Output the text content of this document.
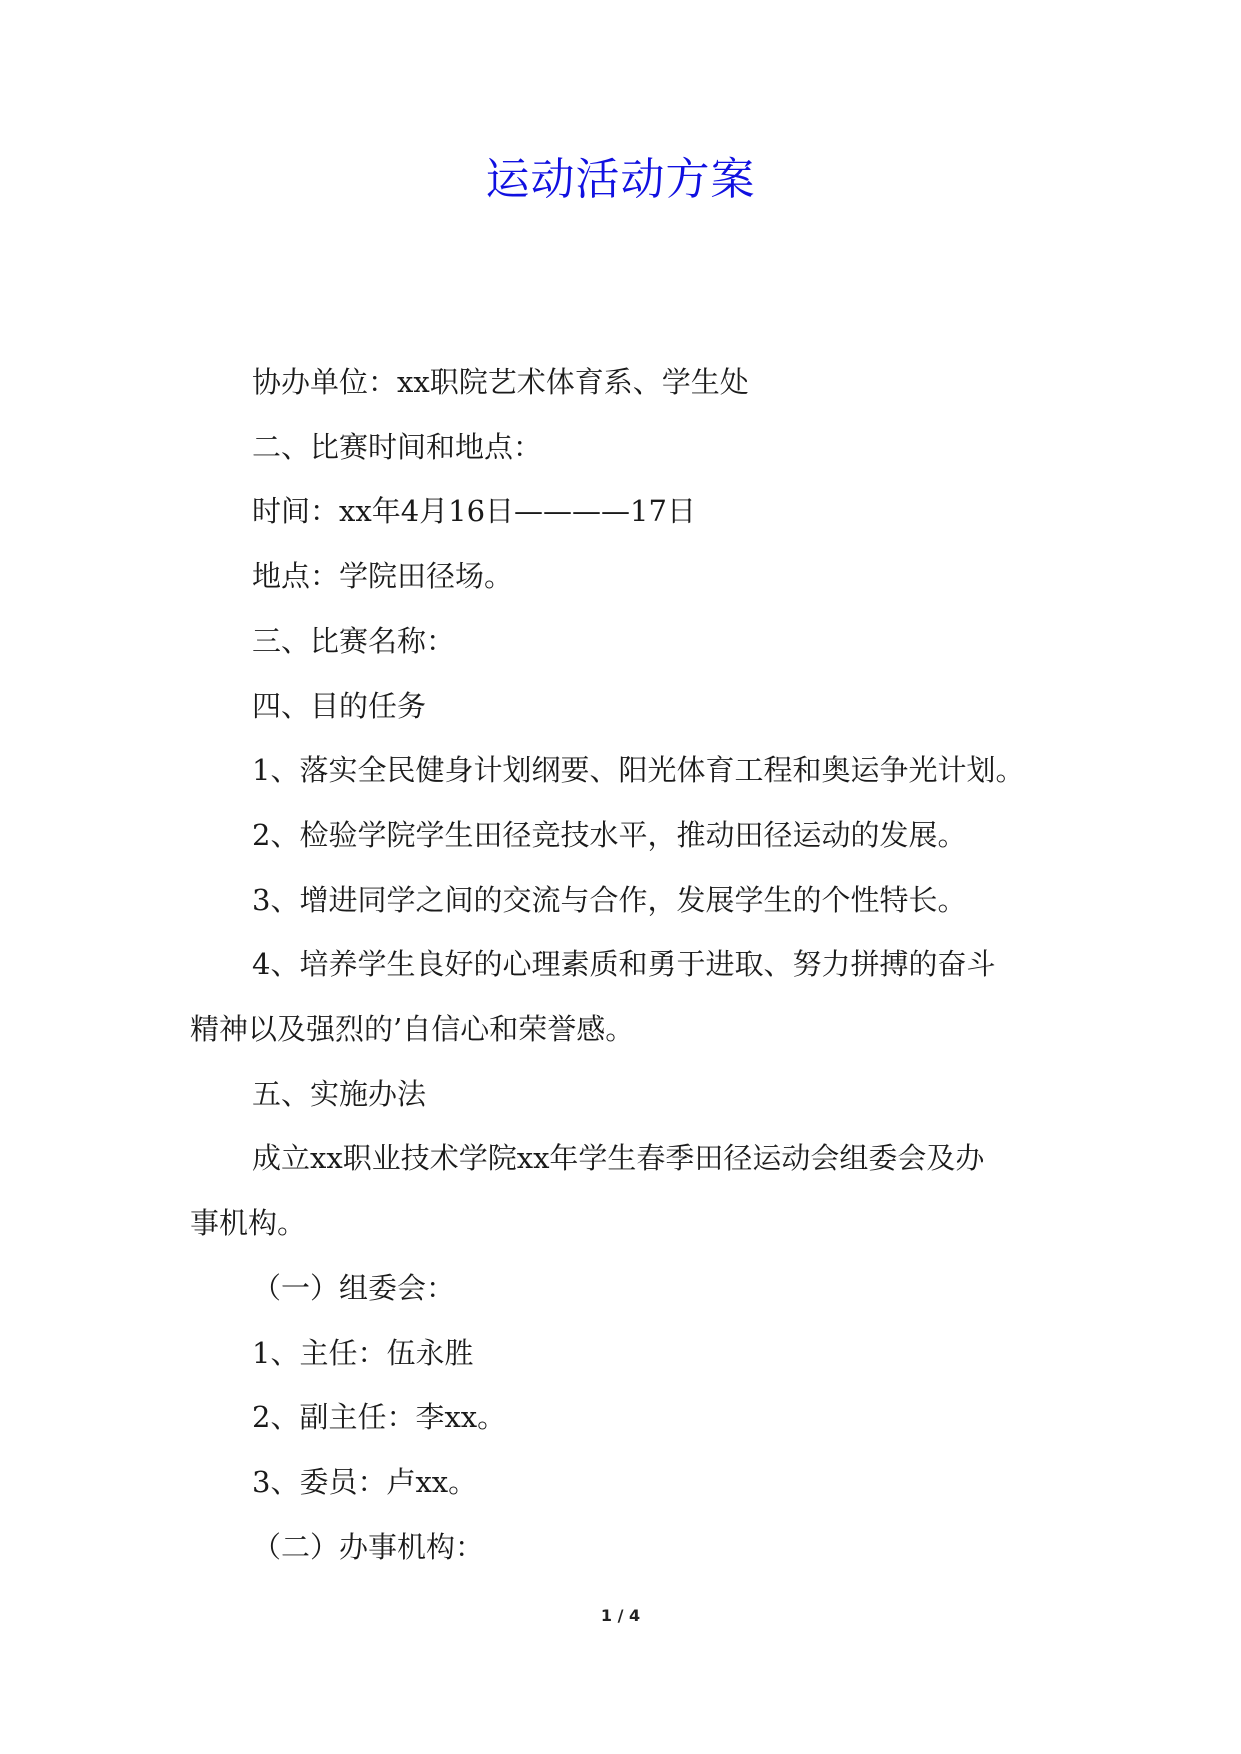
运动活动方案

协办单位：xx职院艺术体育系、学生处

二、比赛时间和地点：

时间：xx年4月16日————17日

地点：学院田径场。

三、比赛名称：

四、目的任务

1、落实全民健身计划纲要、阳光体育工程和奥运争光计划。

2、检验学院学生田径竞技水平，推动田径运动的发展。

3、增进同学之间的交流与合作，发展学生的个性特长。

4、培养学生良好的心理素质和勇于进取、努力拼搏的奋斗

精神以及强烈的’自信心和荣誉感。

五、实施办法

成立xx职业技术学院xx年学生春季田径运动会组委会及办

事机构。

（一）组委会：

1、主任：伍永胜

2、副主任：李xx。

3、委员：卢xx。

（二）办事机构：

1 / 4
